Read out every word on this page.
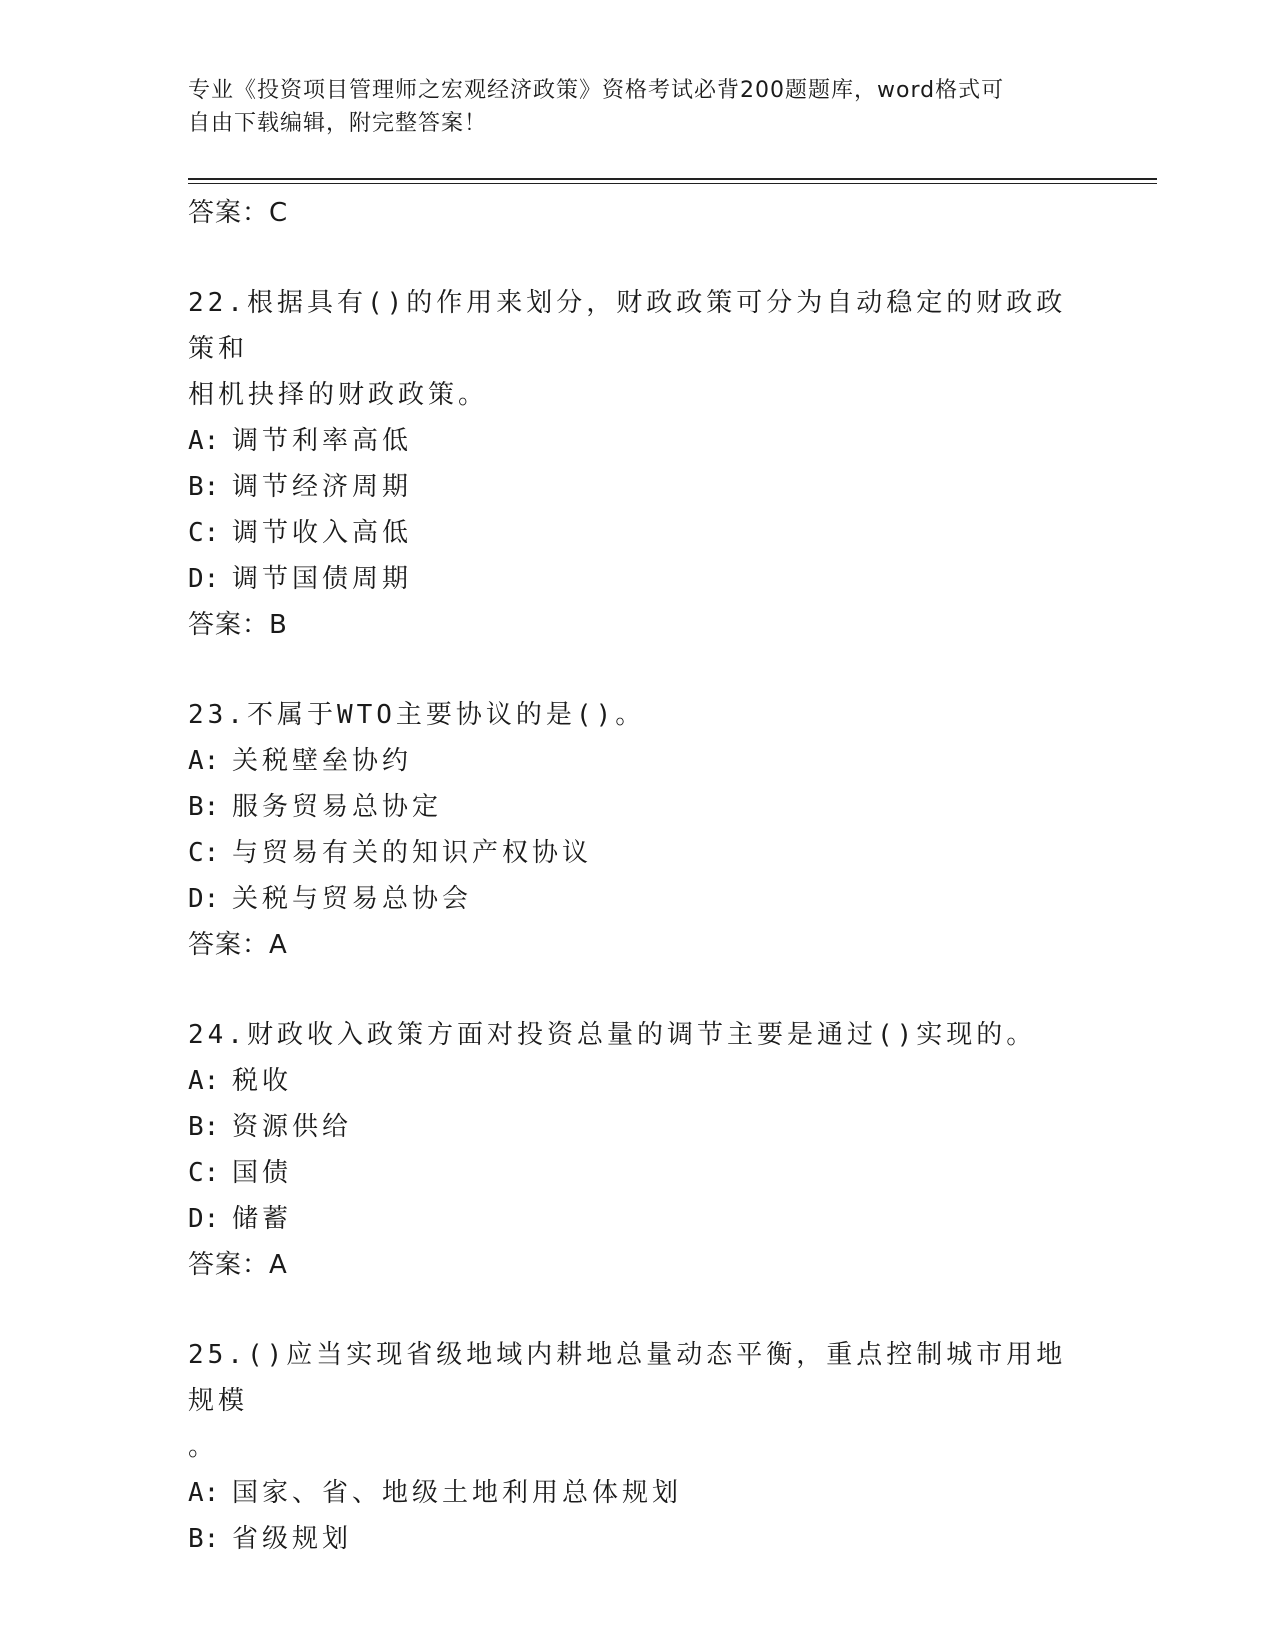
专业《投资项目管理师之宏观经济政策》资格考试必背200题题库，word格式可
自由下载编辑，附完整答案！
答案：C
22.根据具有()的作用来划分，财政政策可分为自动稳定的财政政策和
相机抉择的财政政策。
A: 调节利率高低
B: 调节经济周期
C: 调节收入高低
D: 调节国债周期
答案：B
23.不属于WTO主要协议的是()。
A: 关税壁垒协约
B: 服务贸易总协定
C: 与贸易有关的知识产权协议
D: 关税与贸易总协会
答案：A
24.财政收入政策方面对投资总量的调节主要是通过()实现的。
A: 税收
B: 资源供给
C: 国债
D: 储蓄
答案：A
25.()应当实现省级地域内耕地总量动态平衡，重点控制城市用地规模
。
A: 国家、省、地级土地利用总体规划
B: 省级规划
